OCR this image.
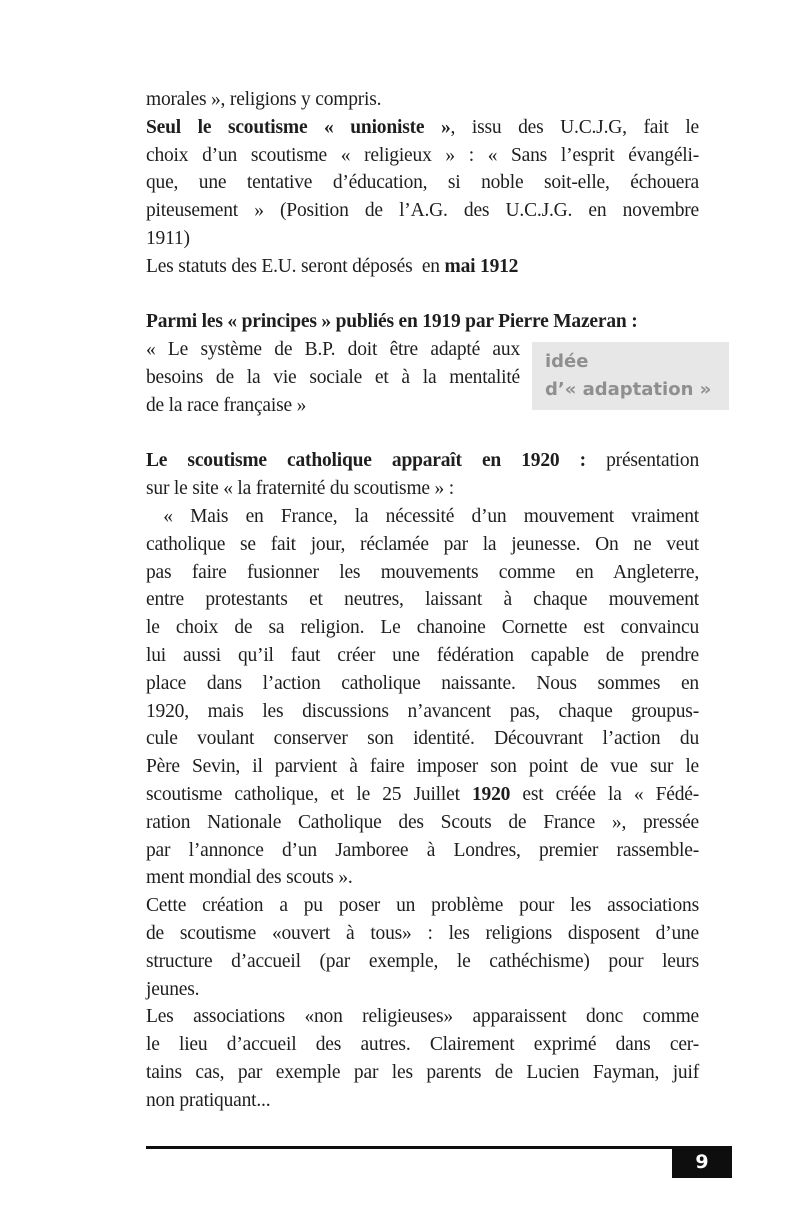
morales », religions y compris.
Seul le scoutisme « unioniste », issu des U.C.J.G, fait le
choix d’un scoutisme « religieux » : « Sans l’esprit évangéli-
que, une tentative d’éducation, si noble soit-elle, échouera
piteusement » (Position de l’A.G. des U.C.J.G. en novembre
1911)
Les statuts des E.U. seront déposés  en mai 1912
Parmi les « principes » publiés en 1919 par Pierre Mazeran :
« Le système de B.P. doit être adapté aux
besoins de la vie sociale et à la mentalité
de la race française »
Le scoutisme catholique apparaît en 1920 : présentation
sur le site « la fraternité du scoutisme » :
« Mais en France, la nécessité d’un mouvement vraiment
catholique se fait jour, réclamée par la jeunesse. On ne veut
pas faire fusionner les mouvements comme en Angleterre,
entre protestants et neutres, laissant à chaque mouvement
le choix de sa religion. Le chanoine Cornette est convaincu
lui aussi qu’il faut créer une fédération capable de prendre
place dans l’action catholique naissante. Nous sommes en
1920, mais les discussions n’avancent pas, chaque groupus-
cule voulant conserver son identité. Découvrant l’action du
Père Sevin, il parvient à faire imposer son point de vue sur le
scoutisme catholique, et le 25 Juillet 1920 est créée la « Fédé-
ration Nationale Catholique des Scouts de France », pressée
par l’annonce d’un Jamboree à Londres, premier rassemble-
ment mondial des scouts ».
Cette création a pu poser un problème pour les associations
de scoutisme «ouvert à tous» : les religions disposent d’une
structure d’accueil (par exemple, le cathéchisme) pour leurs
jeunes.
Les associations «non religieuses» apparaissent donc comme
le lieu d’accueil des autres. Clairement exprimé dans cer-
tains cas, par exemple par les parents de Lucien Fayman, juif
non pratiquant...
idée
d’« adaptation »
9
